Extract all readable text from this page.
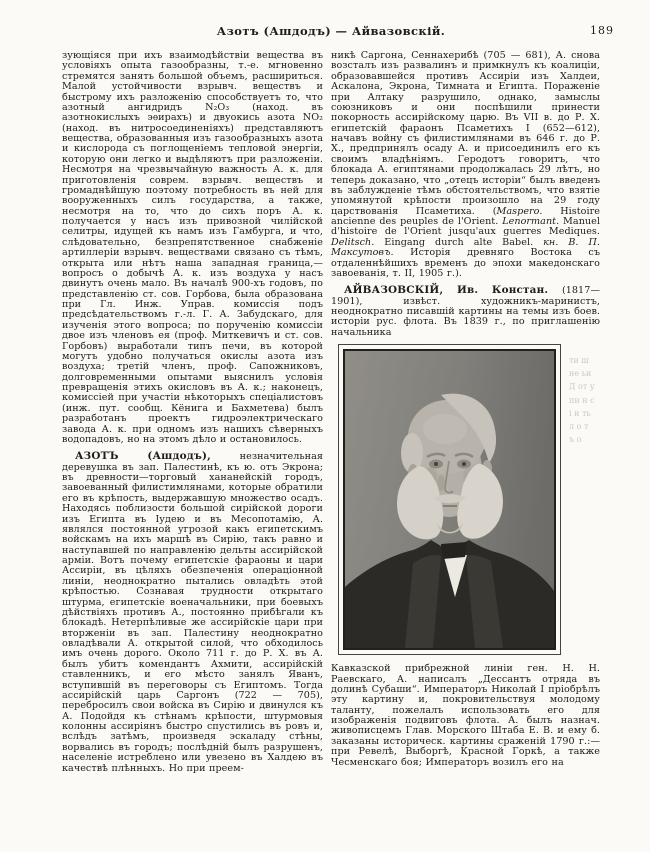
Азотъ (Ашдодъ) — Айвазовскій.	189

зующіяся при ихъ взаимодѣйствіи вещества въ условіяхъ опыта газообразны, т.-е. мгновенно стремятся занять большой объемъ, расшириться. Малой устойчивости взрывч. веществъ и быстрому ихъ разложенію способствуетъ то, что азотный ангидридъ N₂O₃ (наход. въ азотнокислыхъ эѳирахъ) и двуокись азота NO₂ (наход. въ нитросоединеніяхъ) представляютъ вещества, образованныя изъ газообразныхъ азота и кислорода съ поглощеніемъ тепловой энергіи, которую они легко и выдѣляютъ при разложеніи. Несмотря на чрезвычайную важность А. к. для приготовленія соврем. взрывч. веществъ и громаднѣйшую поэтому потребность въ ней для вооруженныхъ силъ государства, а также, несмотря на то, что до сихъ поръ А. к. получается у насъ изъ привозной чилійской селитры, идущей къ намъ изъ Гамбурга, и что, слѣдовательно, безпрепятственное снабженіе артиллеріи взрывч. веществами связано съ тѣмъ, открыта или нѣтъ наша западная граница,—вопросъ о добычѣ А. к. изъ воздуха у насъ двинутъ очень мало. Въ началѣ 900-хъ годовъ, по представленію ст. сов. Горбова, была образована при Гл. Инж. Управ. комиссія подъ предсѣдательствомъ г.-л. Г. А. Забудскаго, для изученія этого вопроса; по порученію комиссіи двое изъ членовъ ея (проф. Миткевичъ и ст. сов. Горбовъ) выработали типъ печи, въ которой могутъ удобно получаться окислы азота изъ воздуха; третій членъ, проф. Сапожниковъ, долговременными опытами выяснилъ условія превращенія этихъ окисловъ въ А. к.; наконецъ, комиссіей при участіи нѣкоторыхъ спеціалистовъ (инж. пут. сообщ. Кёнига и Бахметева) былъ разработанъ проектъ гидроэлектрическаго завода А. к. при одномъ изъ нашихъ сѣверныхъ водопадовъ, но на этомъ дѣло и остановилось.

АЗОТЪ (Ашдодъ), незначительная деревушка въ зап. Палестинѣ, къ ю. отъ Экрона; въ древности—торговый хананейскій городъ, завоеванный филистимлянами, которые обратили его въ крѣпость, выдержавшую множество осадъ. Находясь поблизости большой сирійской дороги изъ Египта въ Іудею и въ Месопотамію, А. являлся постоянной угрозой какъ египетскимъ войскамъ на ихъ маршѣ въ Сирію, такъ равно и наступавшей по направленію дельты ассирійской арміи. Вотъ почему египетскіе фараоны и цари Ассиріи, въ цѣляхъ обезпеченія операціонной линіи, неоднократно пытались овладѣть этой крѣпостью. Сознавая трудности открытаго штурма, египетскіе военачальники, при боевыхъ дѣйствіяхъ противъ А., постоянно прибѣгали къ блокадѣ. Нетерпѣливые же ассирійскіе цари при вторженіи въ зап. Палестину неоднократно овладѣвали А. открытой силой, что обходилось имъ очень дорого. Около 711 г. до Р. Х. въ А. былъ убитъ комендантъ Ахмити, ассирійскій ставленникъ, и его мѣсто занялъ Яванъ, вступившій въ переговоры съ Египтомъ. Тогда ассирійскій царь Саргонъ (722 — 705), перебросилъ свои войска въ Сирію и двинулся къ А. Подойдя къ стѣнамъ крѣпости, штурмовыя колонны ассиріянъ быстро спустились въ ровъ и, вслѣдъ затѣмъ, произведя эскаладу стѣны, ворвались въ городъ; послѣдній былъ разрушенъ, населеніе истреблено или увезено въ Халдею въ качествѣ плѣнныхъ. Но при преем-

никѣ Саргона, Сеннахерибѣ (705 — 681), А. снова возсталъ изъ развалинъ и примкнулъ къ коалиціи, образовавшейся противъ Ассиріи изъ Халдеи, Аскалона, Экрона, Тимната и Египта. Пораженіе при Алтаку разрушило, однако, замыслы союзниковъ и они поспѣшили принести покорность ассирійскому царю. Въ VII в. до Р. Х. египетскій фараонъ Псаметихъ I (652—612), начавъ войну съ филистимлянами въ 646 г. до Р. Х., предпринялъ осаду А. и присоединилъ его къ своимъ владѣніямъ. Геродотъ говоритъ, что блокада А. египтянами продолжалась 29 лѣтъ, но теперь доказано, что „отецъ исторіи“ былъ введенъ въ заблужденіе тѣмъ обстоятельствомъ, что взятіе упомянутой крѣпости произошло на 29 году царствованія Псаметиха. (Maspero. Histoire ancienne des peuples de l'Orient. Lenormant. Manuel d'histoire de l'Orient jusqu'aux guerres Mediques. Delitsch. Eingang durch alte Babel. кн. В. П. Максутовъ. Исторія древняго Востока съ отдаленнѣйшихъ временъ до эпохи македонскаго завоеванія, т. II, 1905 г.).

АЙВАЗОВСКІЙ, Ив. Констан. (1817—1901), извѣст. художникъ-маринистъ, неоднократно писавшій картины на темы изъ боев. исторіи рус. флота. Въ 1839 г., по приглашенію начальника

Кавказской прибрежной линіи ген. Н. Н. Раевскаго, А. написалъ „Дессантъ отряда въ долинѣ Субаши“. Императоръ Николай I пріобрѣлъ эту картину и, покровительствуя молодому таланту, пожелалъ использовать его для изображенія подвиговъ флота. А. былъ назнач. живописцемъ Глав. Морского Штаба Е. В. и ему б. заказаны историческ. картины сраженій 1790 г.:— при Ревелѣ, Выборгѣ, Красной Горкѣ, а также Чесменскаго боя; Императоръ возилъ его на

ти ш не ьи Д от у пи н сі и ть л о т ъ о
